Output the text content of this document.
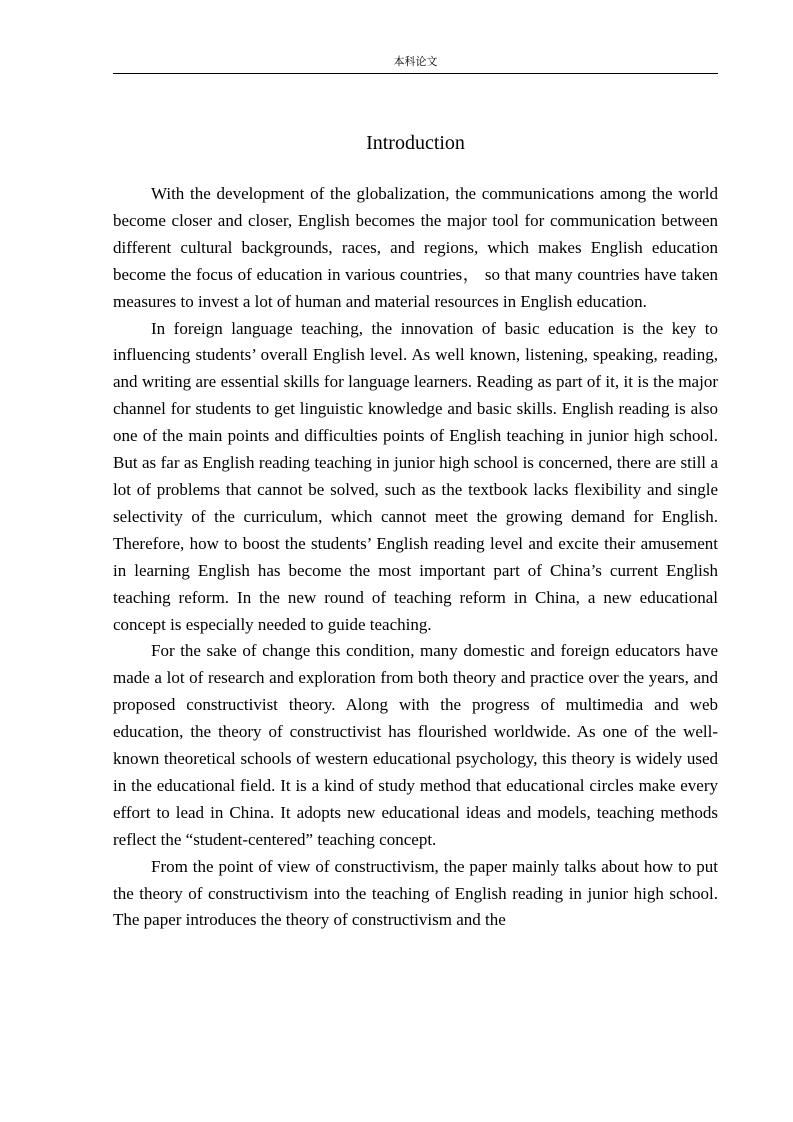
本科论文
Introduction

With the development of the globalization, the communications among the world become closer and closer, English becomes the major tool for communication between different cultural backgrounds, races, and regions, which makes English education become the focus of education in various countries， so that many countries have taken measures to invest a lot of human and material resources in English education.

In foreign language teaching, the innovation of basic education is the key to influencing students’ overall English level. As well known, listening, speaking, reading, and writing are essential skills for language learners. Reading as part of it, it is the major channel for students to get linguistic knowledge and basic skills. English reading is also one of the main points and difficulties points of English teaching in junior high school. But as far as English reading teaching in junior high school is concerned, there are still a lot of problems that cannot be solved, such as the textbook lacks flexibility and single selectivity of the curriculum, which cannot meet the growing demand for English. Therefore, how to boost the students’ English reading level and excite their amusement in learning English has become the most important part of China’s current English teaching reform. In the new round of teaching reform in China, a new educational concept is especially needed to guide teaching.

For the sake of change this condition, many domestic and foreign educators have made a lot of research and exploration from both theory and practice over the years, and proposed constructivist theory. Along with the progress of multimedia and web education, the theory of constructivist has flourished worldwide. As one of the well-known theoretical schools of western educational psychology, this theory is widely used in the educational field. It is a kind of study method that educational circles make every effort to lead in China. It adopts new educational ideas and models, teaching methods reflect the “student-centered” teaching concept.

From the point of view of constructivism, the paper mainly talks about how to put the theory of constructivism into the teaching of English reading in junior high school. The paper introduces the theory of constructivism and the
